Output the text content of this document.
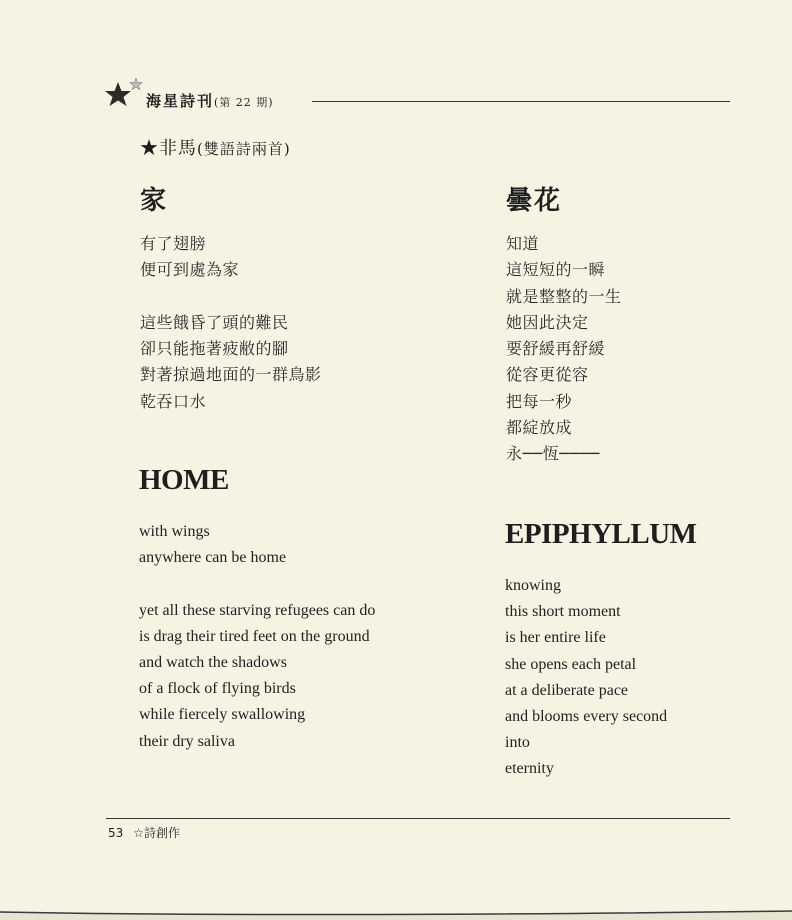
海星詩刊(第 22 期)
★非馬(雙語詩兩首)
家
有了翅膀
便可到處為家
這些餓昏了頭的難民
卻只能拖著疲敝的腳
對著掠過地面的一群鳥影
乾吞口水
HOME
with wings
anywhere can be home
yet all these starving refugees can do
is drag their tired feet on the ground
and watch the shadows
of a flock of flying birds
while fiercely swallowing
their dry saliva
曇花
知道
這短短的一瞬
就是整整的一生
她因此決定
要舒緩再舒緩
從容更從容
把每一秒
都綻放成
永──恆────
EPIPHYLLUM
knowing
this short moment
is her entire life
she opens each petal
at a deliberate pace
and blooms every second
into
eternity
53 ☆詩創作
